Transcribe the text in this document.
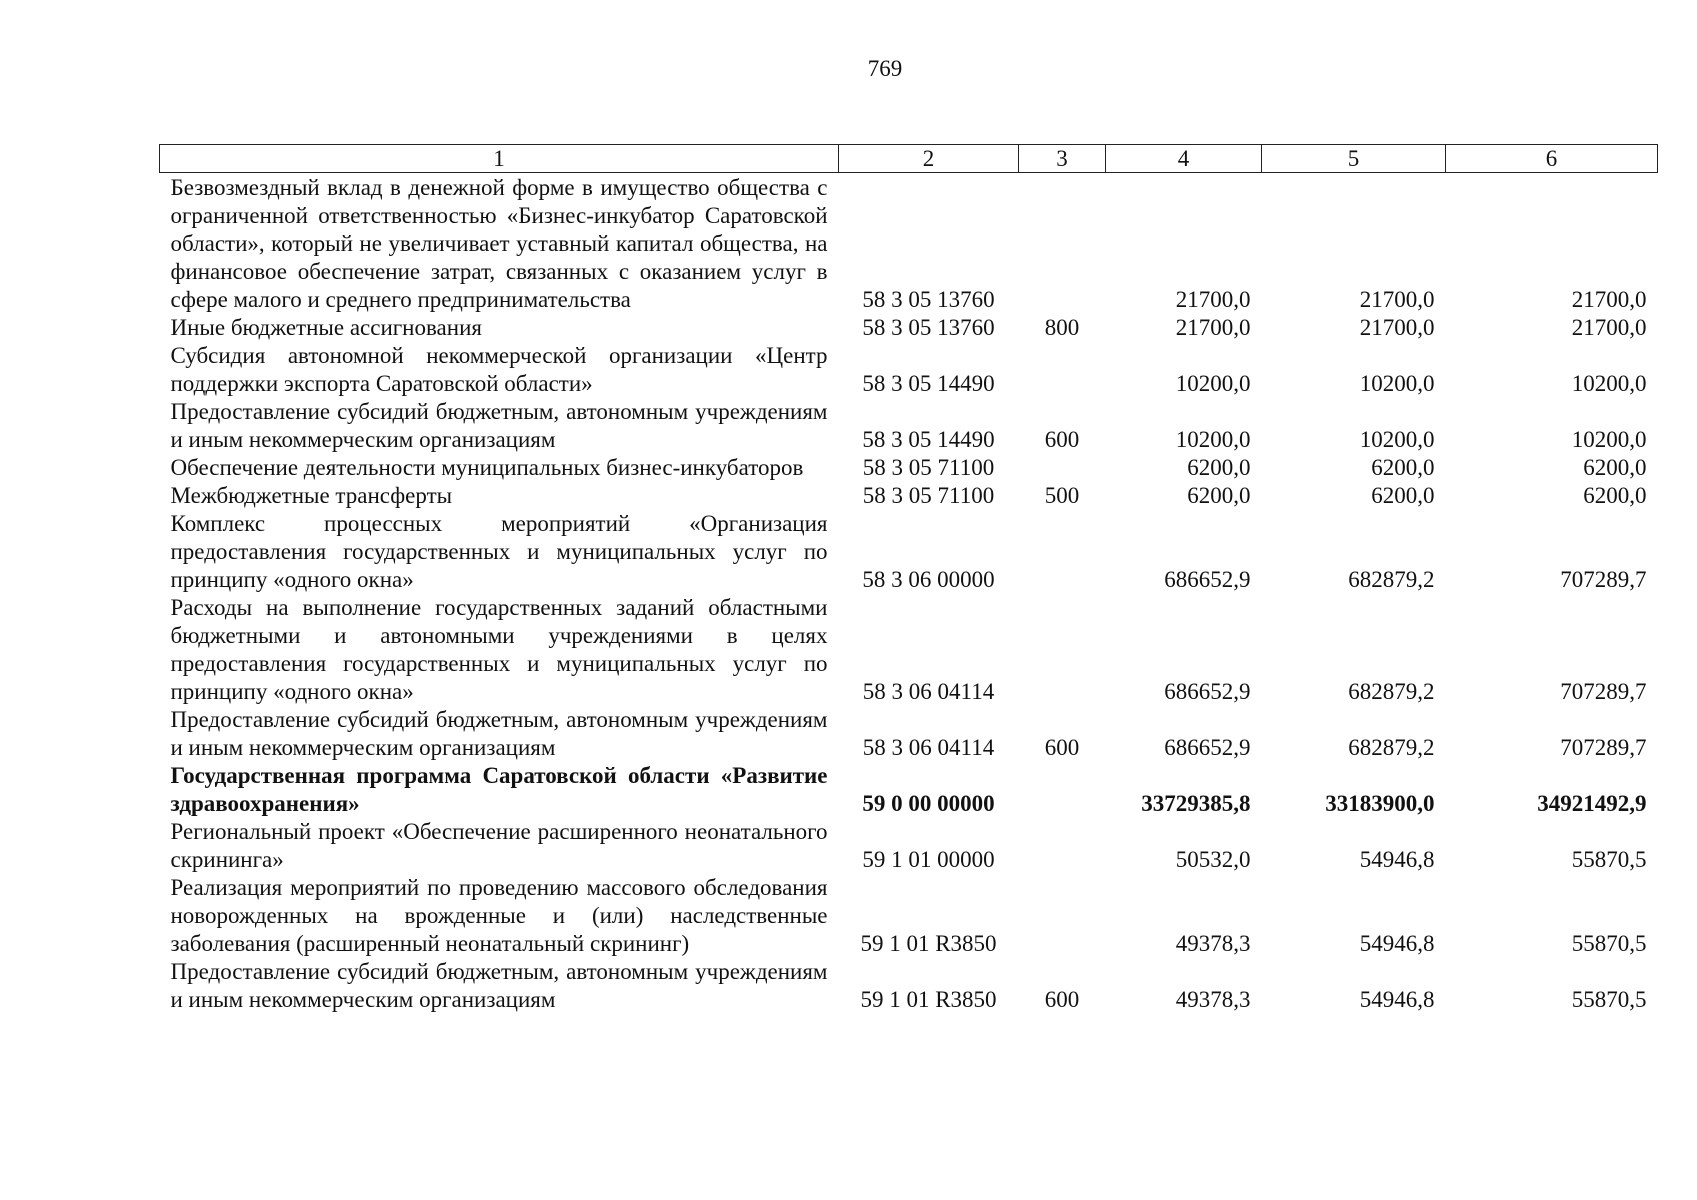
769
1	2	3	4	5	6
Безвозмездный вклад в денежной форме в имущество общества с ограниченной ответственностью «Бизнес-инкубатор Саратовской области», который не увеличивает уставный капитал общества, на финансовое обеспечение затрат, связанных с оказанием услуг в сфере малого и среднего предпринимательства	58 3 05 13760		21700,0	21700,0	21700,0
Иные бюджетные ассигнования	58 3 05 13760	800	21700,0	21700,0	21700,0
Субсидия автономной некоммерческой организации «Центр поддержки экспорта Саратовской области»	58 3 05 14490		10200,0	10200,0	10200,0
Предоставление субсидий бюджетным, автономным учреждениям и иным некоммерческим организациям	58 3 05 14490	600	10200,0	10200,0	10200,0
Обеспечение деятельности муниципальных бизнес-инкубаторов	58 3 05 71100		6200,0	6200,0	6200,0
Межбюджетные трансферты	58 3 05 71100	500	6200,0	6200,0	6200,0
Комплекс процессных мероприятий «Организация предоставления государственных и муниципальных услуг по принципу «одного окна»	58 3 06 00000		686652,9	682879,2	707289,7
Расходы на выполнение государственных заданий областными бюджетными и автономными учреждениями в целях предоставления государственных и муниципальных услуг по принципу «одного окна»	58 3 06 04114		686652,9	682879,2	707289,7
Предоставление субсидий бюджетным, автономным учреждениям и иным некоммерческим организациям	58 3 06 04114	600	686652,9	682879,2	707289,7
Государственная программа Саратовской области «Развитие здравоохранения»	59 0 00 00000		33729385,8	33183900,0	34921492,9
Региональный проект «Обеспечение расширенного неонатального скрининга»	59 1 01 00000		50532,0	54946,8	55870,5
Реализация мероприятий по проведению массового обследования новорожденных на врожденные и (или) наследственные заболевания (расширенный неонатальный скрининг)	59 1 01 R3850		49378,3	54946,8	55870,5
Предоставление субсидий бюджетным, автономным учреждениям и иным некоммерческим организациям	59 1 01 R3850	600	49378,3	54946,8	55870,5
